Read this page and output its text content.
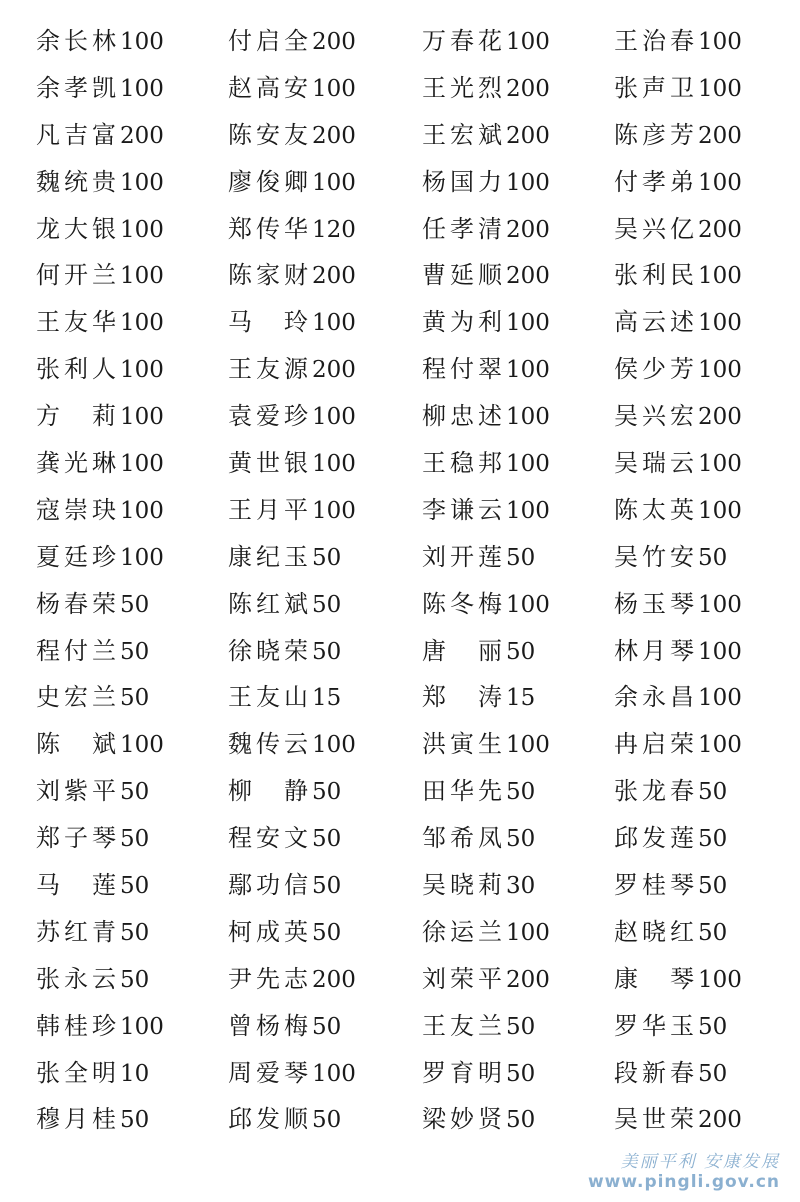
余长林100	付启全200	万春花100	王治春100
余孝凯100	赵高安100	王光烈200	张声卫100
凡吉富200	陈安友200	王宏斌200	陈彦芳200
魏统贵100	廖俊卿100	杨国力100	付孝弟100
龙大银100	郑传华120	任孝清200	吴兴亿200
何开兰100	陈家财200	曹延顺200	张利民100
王友华100	马　玲100	黄为利100	高云述100
张利人100	王友源200	程付翠100	侯少芳100
方　莉100	袁爱珍100	柳忠述100	吴兴宏200
龚光琳100	黄世银100	王稳邦100	吴瑞云100
寇崇玦100	王月平100	李谦云100	陈太英100
夏廷珍100	康纪玉50	刘开莲50	吴竹安50
杨春荣50	陈红斌50	陈冬梅100	杨玉琴100
程付兰50	徐晓荣50	唐　丽50	林月琴100
史宏兰50	王友山15	郑　涛15	余永昌100
陈　斌100	魏传云100	洪寅生100	冉启荣100
刘紫平50	柳　静50	田华先50	张龙春50
郑子琴50	程安文50	邹希凤50	邱发莲50
马　莲50	鄢功信50	吴晓莉30	罗桂琴50
苏红青50	柯成英50	徐运兰100	赵晓红50
张永云50	尹先志200	刘荣平200	康　琴100
韩桂珍100	曾杨梅50	王友兰50	罗华玉50
张全明10	周爱琴100	罗育明50	段新春50
穆月桂50	邱发顺50	梁妙贤50	吴世荣200
美丽平利 安康发展
www.pingli.gov.cn
